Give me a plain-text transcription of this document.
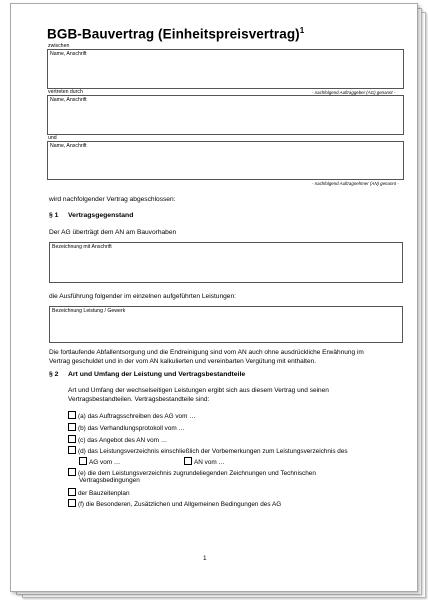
BGB-Bauvertrag (Einheitspreisvertrag)$^1$
zwischen
Name, Anschrift
vertreten durch	- nachfolgend Auftraggeber (AG) genannt -
Name, Anschrift
und
Name, Anschrift
- nachfolgend Auftragnehmer (AN) genannt -
wird nachfolgender Vertrag abgeschlossen:
§ 1 Vertragsgegenstand
Der AG überträgt dem AN am Bauvorhaben
Bezeichnung mit Anschrift
die Ausführung folgender im einzelnen aufgeführten Leistungen:
Bezeichnung Leistung / Gewerk
Die fortlaufende Abfallentsorgung und die Endreinigung sind vom AN auch ohne ausdrückliche Erwähnung im
Vertrag geschuldet und in der vom AN kalkulierten und vereinbarten Vergütung mit enthalten.
§ 2 Art und Umfang der Leistung und Vertragsbestandteile
Art und Umfang der wechselseitigen Leistungen ergibt sich aus diesem Vertrag und seinen
Vertragsbestandteilen. Vertragsbestandteile sind:
(a) das Auftragsschreiben des AG vom …
(b) das Verhandlungsprotokoll vom …
(c) das Angebot des AN vom …
(d) das Leistungsverzeichnis einschließlich der Vorbemerkungen zum Leistungsverzeichnis des
AG vom …	AN vom …
(e) die dem Leistungsverzeichnis zugrundeliegenden Zeichnungen und Technischen
Vertragsbedingungen
der Bauzeitenplan
(f) die Besonderen, Zusätzlichen und Allgemeinen Bedingungen des AG
1
